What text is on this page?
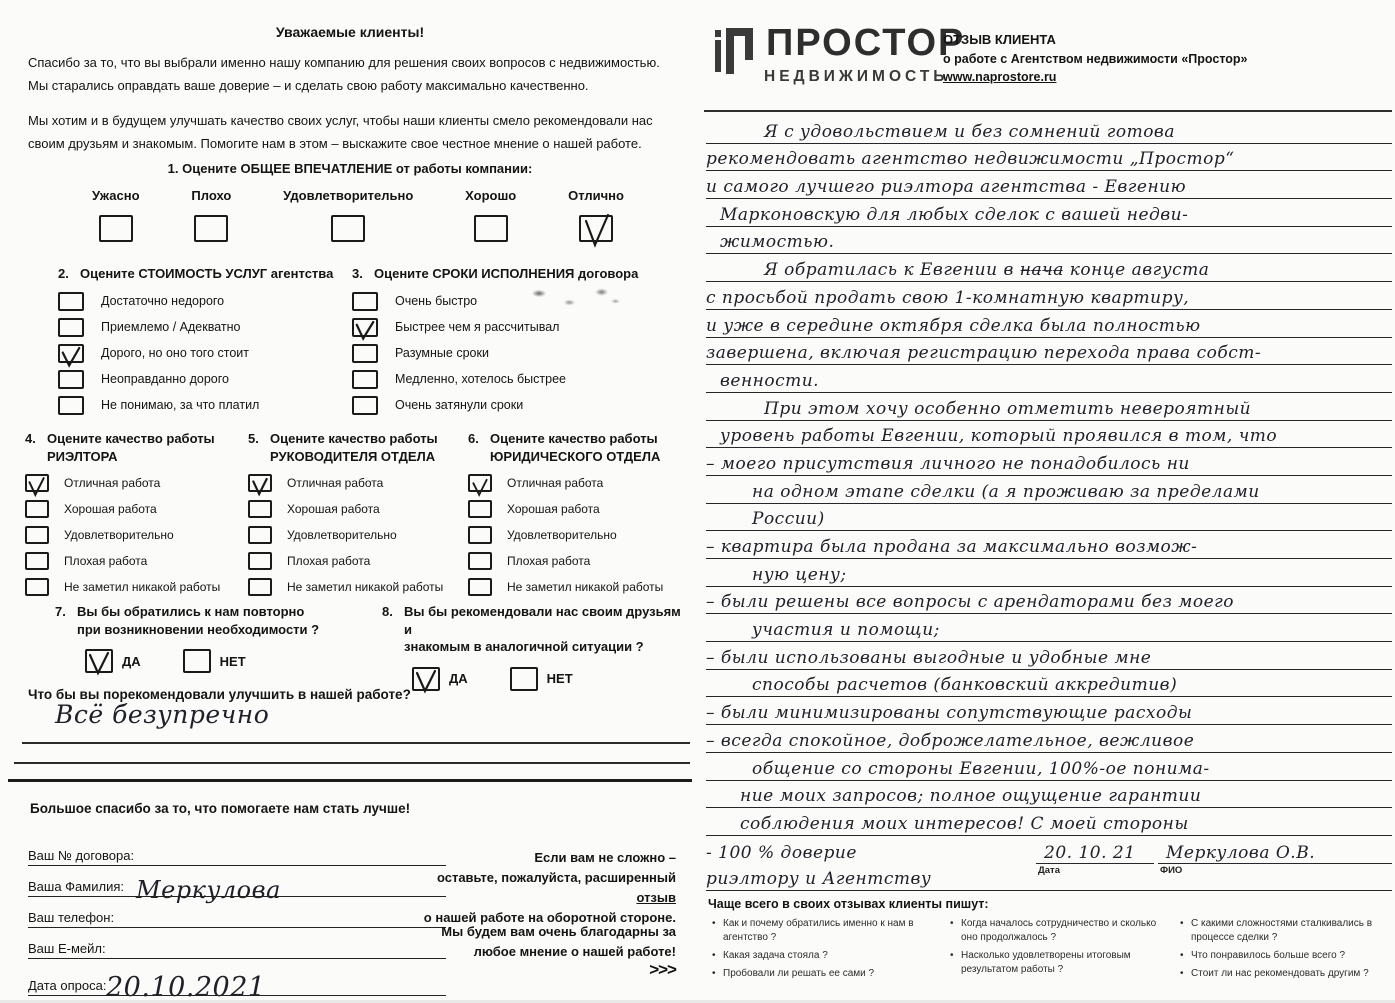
Уважаемые клиенты!
Спасибо за то, что вы выбрали именно нашу компанию для решения своих вопросов с недвижимостью. Мы старались оправдать ваше доверие – и сделать свою работу максимально качественно.
Мы хотим и в будущем улучшать качество своих услуг, чтобы наши клиенты смело рекомендовали нас своим друзьям и знакомым. Помогите нам в этом – выскажите свое честное мнение о нашей работе.
1. Оцените ОБЩЕЕ ВПЕЧАТЛЕНИЕ от работы компании:
Ужасно	Плохо	Удовлетворительно	Хорошо	Отлично
2. Оцените СТОИМОСТЬ УСЛУГ агентства
Достаточно недорого
Приемлемо / Адекватно
Дорого, но оно того стоит
Неоправданно дорого
Не понимаю, за что платил
3. Оцените СРОКИ ИСПОЛНЕНИЯ договора
Очень быстро
Быстрее чем я рассчитывал
Разумные сроки
Медленно, хотелось быстрее
Очень затянули сроки
4. Оцените качество работы
РИЭЛТОРА
Отличная работа
Хорошая работа
Удовлетворительно
Плохая работа
Не заметил никакой работы
5. Оцените качество работы
РУКОВОДИТЕЛЯ ОТДЕЛА
Отличная работа
Хорошая работа
Удовлетворительно
Плохая работа
Не заметил никакой работы
6. Оцените качество работы
ЮРИДИЧЕСКОГО ОТДЕЛА
Отличная работа
Хорошая работа
Удовлетворительно
Плохая работа
Не заметил никакой работы
7. Вы бы обратились к нам повторно
при возникновении необходимости ?
ДА	НЕТ
8. Вы бы рекомендовали нас своим друзьям и
знакомым в аналогичной ситуации ?
ДА	НЕТ
Что бы вы порекомендовали улучшить в нашей работе?
Всё безупречно
Большое спасибо за то, что помогаете нам стать лучше!
Ваш № договора:
Ваша Фамилия: Меркулова
Ваш телефон:
Ваш Е-мейл:
Дата опроса: 20.10.2021
Если вам не сложно –
оставьте, пожалуйста, расширенный отзыв
о нашей работе на оборотной стороне.
Мы будем вам очень благодарны за любое мнение о нашей работе!
>>>
ПРОСТОР
НЕДВИЖИМОСТЬ
ОТЗЫВ КЛИЕНТА
о работе с Агентством недвижимости «Простор»
www.naprostore.ru
Я с удовольствием и без сомнений готова
рекомендовать агентство недвижимости „Простор“
и самого лучшего риэлтора агентства - Евгению
Марконовскую для любых сделок с вашей недви-
жимостью.
Я обратилась к Евгении в н̶а̶ч̶а̶ конце августа
с просьбой продать свою 1-комнатную квартиру,
и уже в середине октября сделка была полностью
завершена, включая регистрацию перехода права собст-
венности.
При этом хочу особенно отметить невероятный
уровень работы Евгении, который проявился в том, что
– моего присутствия личного не понадобилось ни
на одном этапе сделки (а я проживаю за пределами
России)
– квартира была продана за максимально возмож-
ную цену;
– были решены все вопросы с арендаторами без моего
участия и помощи;
– были использованы выгодные и удобные мне
способы расчетов (банковский аккредитив)
– были минимизированы сопутствующие расходы
– всегда спокойное, доброжелательное, вежливое
общение со стороны Евгении, 100%-ое понима-
ние моих запросов; полное ощущение гарантии
соблюдения моих интересов! С моей стороны
- 100 % доверие	20. 10. 21
Дата
Меркулова О.В.
ФИО
риэлтору и Агентству
Чаще всего в своих отзывах клиенты пишут:
• Как и почему обратились именно к нам в агентство ?
• Какая задача стояла ?
• Пробовали ли решать ее сами ?
• Когда началось сотрудничество и сколько оно продолжалось ?
• Насколько удовлетворены итоговым результатом работы ?
• С какими сложностями сталкивались в процессе сделки ?
• Что понравилось больше всего ?
• Стоит ли нас рекомендовать другим ?
